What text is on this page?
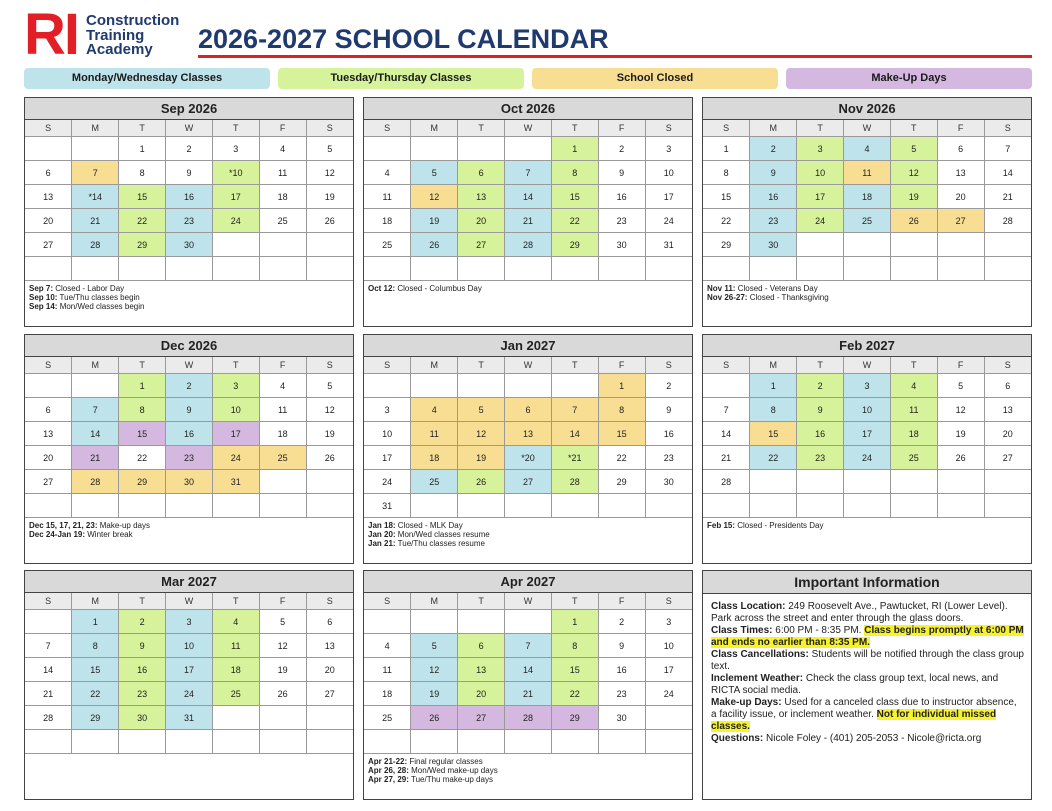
RI Construction
Training
Academy	2026-2027 SCHOOL CALENDAR
Monday/Wednesday Classes	Tuesday/Thursday Classes	School Closed	Make-Up Days
Sep 2026
S	M	T	W	T	F	S
		1	2	3	4	5
6	7	8	9	*10	11	12
13	*14	15	16	17	18	19
20	21	22	23	24	25	26
27	28	29	30			

Sep 7: Closed - Labor Day
Sep 10: Tue/Thu classes begin
Sep 14: Mon/Wed classes begin
Oct 2026
S	M	T	W	T	F	S
				1	2	3
4	5	6	7	8	9	10
11	12	13	14	15	16	17
18	19	20	21	22	23	24
25	26	27	28	29	30	31

Oct 12: Closed - Columbus Day
Nov 2026
S	M	T	W	T	F	S
1	2	3	4	5	6	7
8	9	10	11	12	13	14
15	16	17	18	19	20	21
22	23	24	25	26	27	28
29	30					

Nov 11: Closed - Veterans Day
Nov 26-27: Closed - Thanksgiving
Dec 2026
S	M	T	W	T	F	S
		1	2	3	4	5
6	7	8	9	10	11	12
13	14	15	16	17	18	19
20	21	22	23	24	25	26
27	28	29	30	31		

Dec 15, 17, 21, 23: Make-up days
Dec 24-Jan 19: Winter break
Jan 2027
S	M	T	W	T	F	S
					1	2
3	4	5	6	7	8	9
10	11	12	13	14	15	16
17	18	19	*20	*21	22	23
24	25	26	27	28	29	30
31						
Jan 18: Closed - MLK Day
Jan 20: Mon/Wed classes resume
Jan 21: Tue/Thu classes resume
Feb 2027
S	M	T	W	T	F	S
	1	2	3	4	5	6
7	8	9	10	11	12	13
14	15	16	17	18	19	20
21	22	23	24	25	26	27
28						

Feb 15: Closed - Presidents Day
Mar 2027
S	M	T	W	T	F	S
	1	2	3	4	5	6
7	8	9	10	11	12	13
14	15	16	17	18	19	20
21	22	23	24	25	26	27
28	29	30	31			

Apr 2027
S	M	T	W	T	F	S
				1	2	3
4	5	6	7	8	9	10
11	12	13	14	15	16	17
18	19	20	21	22	23	24
25	26	27	28	29	30	

Apr 21-22: Final regular classes
Apr 26, 28: Mon/Wed make-up days
Apr 27, 29: Tue/Thu make-up days
Important Information

Class Location: 249 Roosevelt Ave., Pawtucket, RI (Lower Level). Park across the street and enter through the glass doors.

Class Times: 6:00 PM - 8:35 PM. Class begins promptly at 6:00 PM and ends no earlier than 8:35 PM.

Class Cancellations: Students will be notified through the class group text.

Inclement Weather: Check the class group text, local news, and RICTA social media.

Make-up Days: Used for a canceled class due to instructor absence, a facility issue, or inclement weather. Not for individual missed classes.

Questions: Nicole Foley - (401) 205-2053 - Nicole@ricta.org
